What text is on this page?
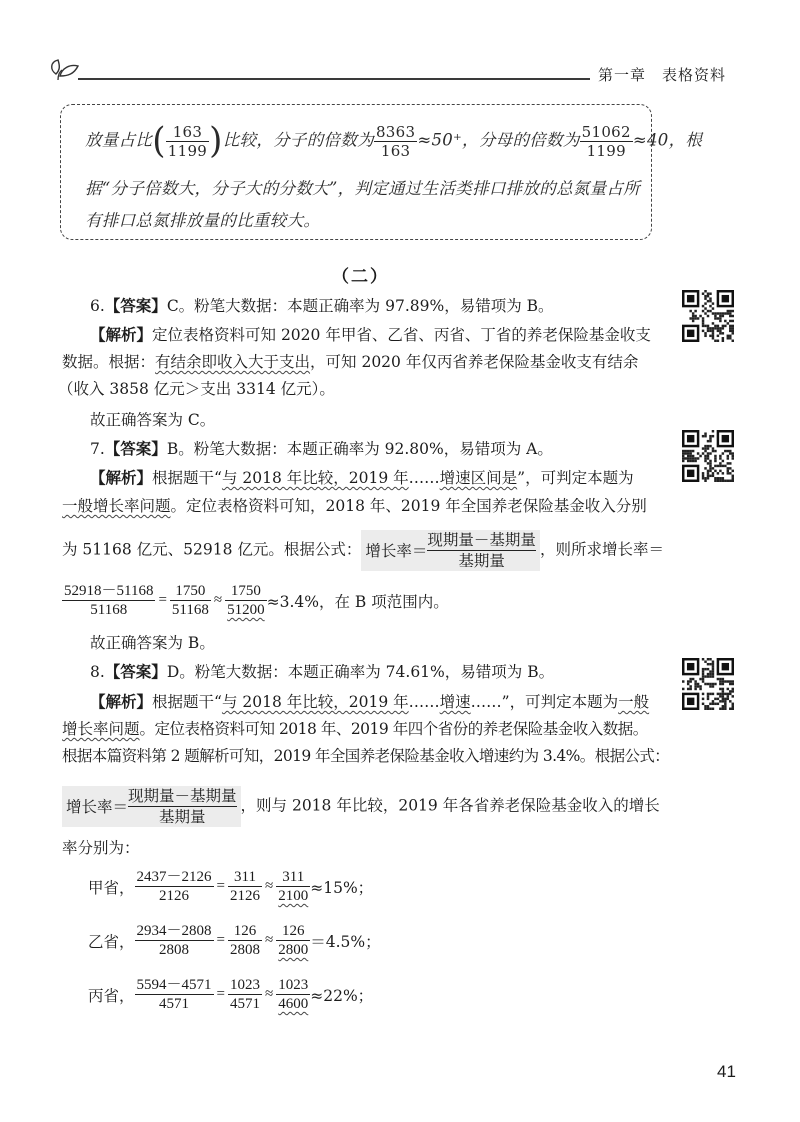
第一章　表格资料
放量占比( $\frac{163}{1199}$ )比较，分子的倍数为 $\frac{8363}{163} \approx 50^+$，分母的倍数为 $\frac{51062}{1199} \approx 40$，根
据“分子倍数大，分子大的分数大”，判定通过生活类排口排放的总氮量占所
有排口总氮排放量的比重较大。
（二）
6.【答案】C。粉笔大数据：本题正确率为 97.89%，易错项为 B。
【解析】定位表格资料可知 2020 年甲省、乙省、丙省、丁省的养老保险基金收支
数据。根据：有结余即收入大于支出，可知 2020 年仅丙省养老保险基金收支有结余
（收入 3858 亿元＞支出 3314 亿元）。
故正确答案为 C。
7.【答案】B。粉笔大数据：本题正确率为 92.80%，易错项为 A。
【解析】根据题干“与 2018 年比较，2019 年……增速区间是”，可判定本题为
一般增长率问题。定位表格资料可知，2018 年、2019 年全国养老保险基金收入分别
为 51168 亿元、52918 亿元。根据公式： 增长率＝
现期量－基期量
基期量
，则所求增长率＝
$\frac{52918-51168}{51168} = \frac{1750}{51168} \approx \frac{1750}{51200} \approx 3.4\%$，在 B 项范围内。
故正确答案为 B。
8.【答案】D。粉笔大数据：本题正确率为 74.61%，易错项为 B。
【解析】根据题干“与 2018 年比较，2019 年……增速……”，可判定本题为一般
增长率问题。定位表格资料可知 2018 年、2019 年四个省份的养老保险基金收入数据。
根据本篇资料第 2 题解析可知，2019 年全国养老保险基金收入增速约为 3.4%。根据公式：
增长率＝
现期量－基期量
基期量
，则与 2018 年比较，2019 年各省养老保险基金收入的增长
率分别为：
甲省， $\frac{2437-2126}{2126} = \frac{311}{2126} \approx \frac{311}{2100} \approx 15\%$；
乙省， $\frac{2934-2808}{2808} = \frac{126}{2808} \approx \frac{126}{2800} =4.5\%$；
丙省， $\frac{5594-4571}{4571} = \frac{1023}{4571} \approx \frac{1023}{4600} \approx 22\%$；
41
